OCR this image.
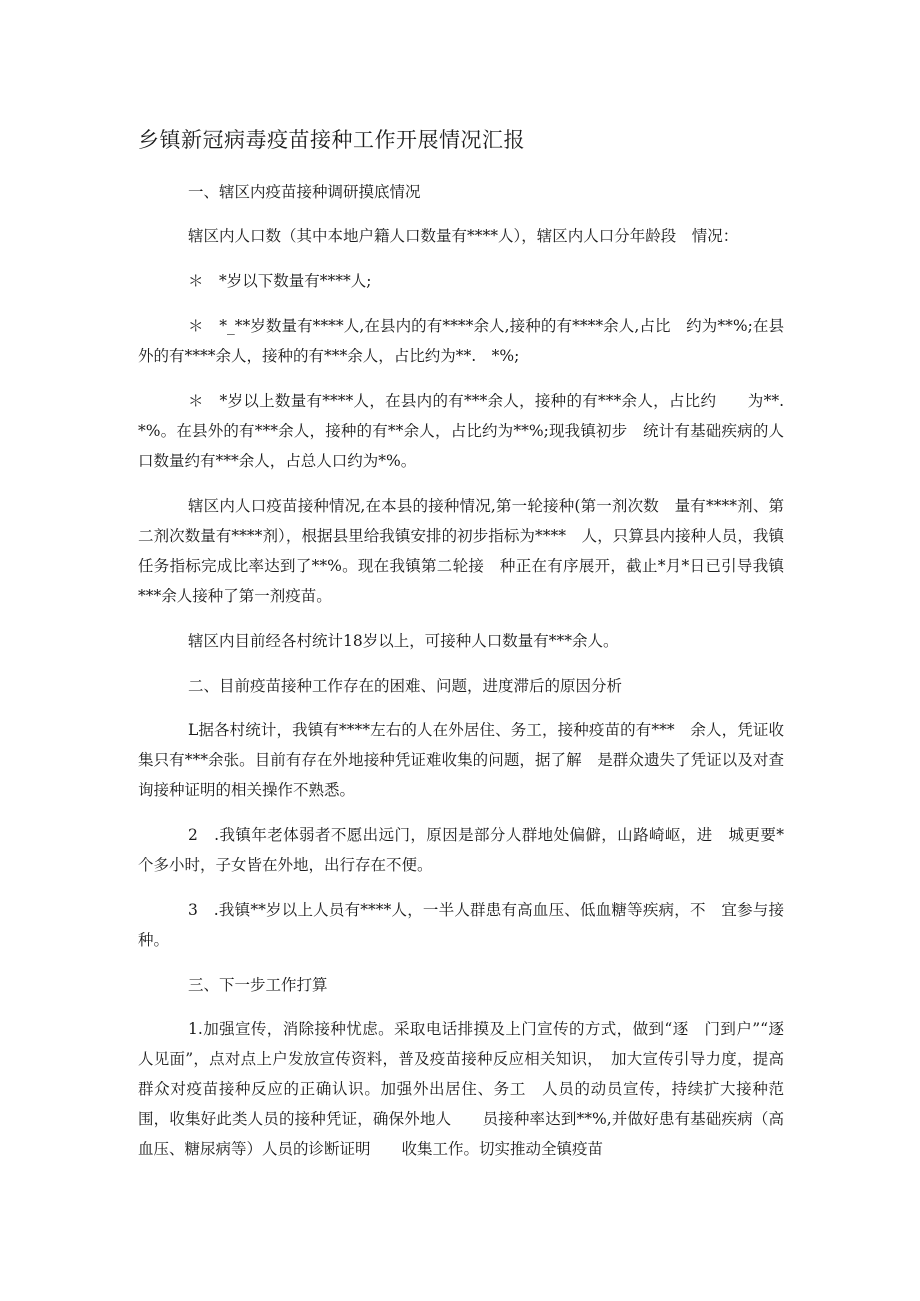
乡镇新冠病毒疫苗接种工作开展情况汇报

一、辖区内疫苗接种调研摸底情况

辖区内人口数（其中本地户籍人口数量有****人），辖区内人口分年龄段　情况：

＊　*岁以下数量有****人;

＊　*_**岁数量有****人,在县内的有****余人,接种的有****余人,占比　约为**%;在县外的有****余人，接种的有***余人，占比约为**.　*%;

＊　*岁以上数量有****人，在县内的有***余人，接种的有***余人，占比约　　为**.　*%。在县外的有***余人，接种的有**余人，占比约为**%;现我镇初步　统计有基础疾病的人口数量约有***余人，占总人口约为*%。

辖区内人口疫苗接种情况,在本县的接种情况,第一轮接种(第一剂次数　量有****剂、第二剂次数量有****剂），根据县里给我镇安排的初步指标为****　人，只算县内接种人员，我镇任务指标完成比率达到了**%。现在我镇第二轮接　种正在有序展开，截止*月*日已引导我镇***余人接种了第一剂疫苗。

辖区内目前经各村统计18岁以上，可接种人口数量有***余人。

二、目前疫苗接种工作存在的困难、问题，进度滞后的原因分析

L据各村统计，我镇有****左右的人在外居住、务工，接种疫苗的有***　余人，凭证收集只有***余张。目前有存在外地接种凭证难收集的问题，据了解　是群众遗失了凭证以及对查询接种证明的相关操作不熟悉。

2　.我镇年老体弱者不愿出远门，原因是部分人群地处偏僻，山路崎岖，进　城更要*个多小时，子女皆在外地，出行存在不便。

3　.我镇**岁以上人员有****人，一半人群患有高血压、低血糖等疾病，不　宜参与接种。

三、下一步工作打算

1.加强宣传，消除接种忧虑。采取电话排摸及上门宣传的方式，做到“逐　门到户”“逐人见面”，点对点上户发放宣传资料，普及疫苗接种反应相关知识，　加大宣传引导力度，提高群众对疫苗接种反应的正确认识。加强外出居住、务工　人员的动员宣传，持续扩大接种范围，收集好此类人员的接种凭证，确保外地人　　员接种率达到**%,并做好患有基础疾病（高血压、糖尿病等）人员的诊断证明　　收集工作。切实推动全镇疫苗
